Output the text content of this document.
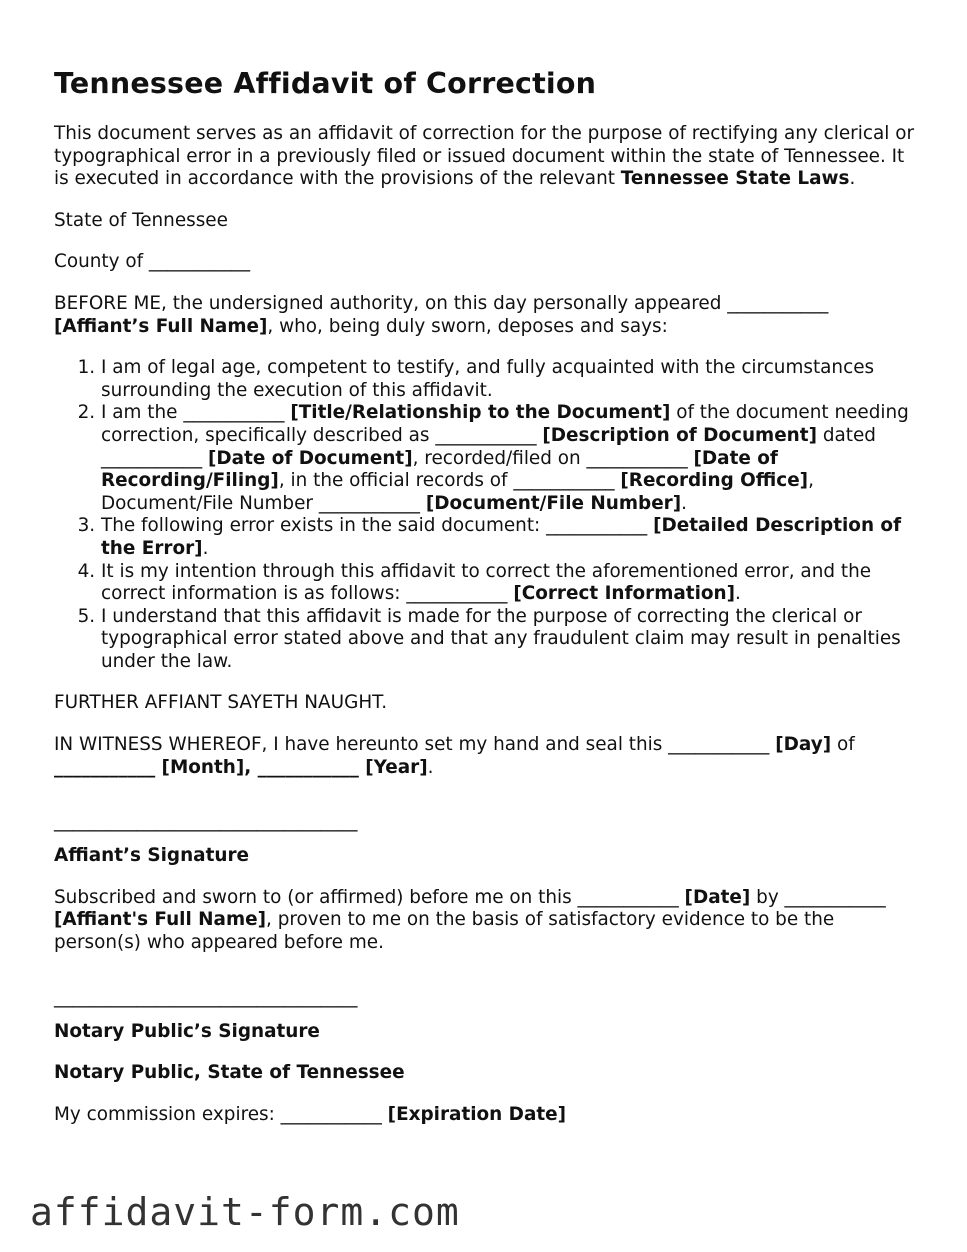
Tennessee Affidavit of Correction

This document serves as an affidavit of correction for the purpose of rectifying any clerical or typographical error in a previously filed or issued document within the state of Tennessee. It is executed in accordance with the provisions of the relevant Tennessee State Laws.

State of Tennessee

County of ___________

BEFORE ME, the undersigned authority, on this day personally appeared ___________ [Affiant’s Full Name], who, being duly sworn, deposes and says:

1. I am of legal age, competent to testify, and fully acquainted with the circumstances surrounding the execution of this affidavit.
2. I am the ___________ [Title/Relationship to the Document] of the document needing correction, specifically described as ___________ [Description of Document] dated ___________ [Date of Document], recorded/filed on ___________ [Date of Recording/Filing], in the official records of ___________ [Recording Office], Document/File Number ___________ [Document/File Number].
3. The following error exists in the said document: ___________ [Detailed Description of the Error].
4. It is my intention through this affidavit to correct the aforementioned error, and the correct information is as follows: ___________ [Correct Information].
5. I understand that this affidavit is made for the purpose of correcting the clerical or typographical error stated above and that any fraudulent claim may result in penalties under the law.

FURTHER AFFIANT SAYETH NAUGHT.

IN WITNESS WHEREOF, I have hereunto set my hand and seal this ___________ [Day] of ___________ [Month], ___________ [Year].

_________________________________

Affiant’s Signature

Subscribed and sworn to (or affirmed) before me on this ___________ [Date] by ___________ [Affiant's Full Name], proven to me on the basis of satisfactory evidence to be the person(s) who appeared before me.

_________________________________

Notary Public’s Signature

Notary Public, State of Tennessee

My commission expires: ___________ [Expiration Date]

affidavit-form.com
